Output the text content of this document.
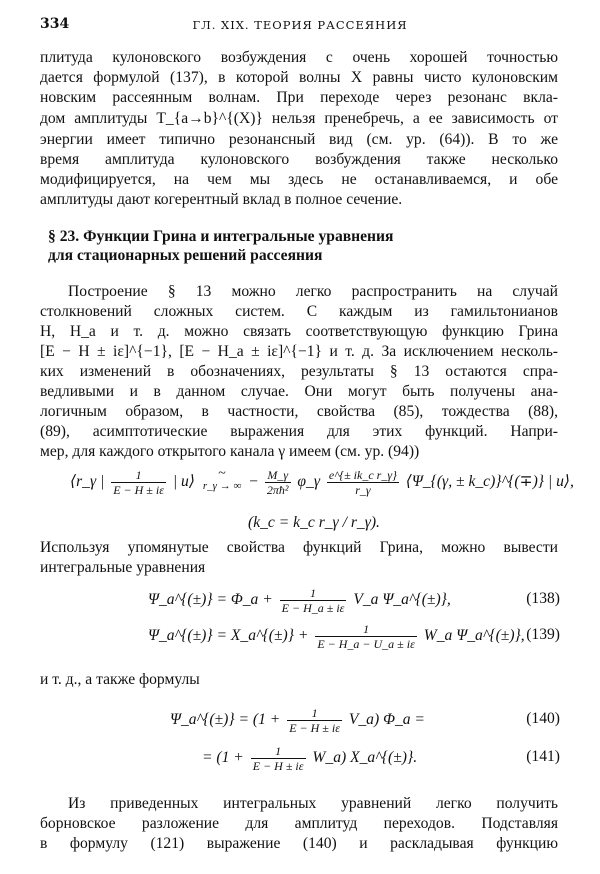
334	ГЛ. XIX. ТЕОРИЯ РАССЕЯНИЯ
плитуда кулоновского возбуждения с очень хорошей точностью
дается формулой (137), в которой волны X равны чисто кулоновским
новским рассеянным волнам. При переходе через резонанс вкла-
дом амплитуды T_{a→b}^{(X)} нельзя пренебречь, а ее зависимость от
энергии имеет типично резонансный вид (см. ур. (64)). В то же
время амплитуда кулоновского возбуждения также несколько
модифицируется, на чем мы здесь не останавливаемся, и обе
амплитуды дают когерентный вклад в полное сечение.
§ 23. Функции Грина и интегральные уравнения
для стационарных решений рассеяния
Построение § 13 можно легко распространить на случай
столкновений сложных систем. С каждым из гамильтонианов
H, H_a и т. д. можно связать соответствующую функцию Грина
[E − H ± iε]^{−1}, [E − H_a ± iε]^{−1} и т. д. За исключением несколь-
ких изменений в обозначениях, результаты § 13 остаются спра-
ведливыми и в данном случае. Они могут быть получены ана-
логичным образом, в частности, свойства (85), тождества (88),
(89), асимптотические выражения для этих функций. Напри-
мер, для каждого открытого канала γ имеем (см. ур. (94))
⟨r_γ | $\frac{1}{E - H \pm i\varepsilon}$ | u⟩	~
r_γ → ∞ − $\frac{M\_\gamma}{\text{2πħ²}}$ φ_γ $\frac{\text{e\textasciicircum{}\{± ik\_c r\_γ\}}}{r\_\gamma}$ ⟨Ψ_{(γ, ± k_c)}^{(∓)} | u⟩,
(k_c = k_c r_γ / r_γ).
Используя упомянутые свойства функций Грина, можно вывести
интегральные уравнения
Ψ_a^{(±)} = Φ_a + $\frac{1}{E - H\_a \pm i\varepsilon}$ V_a Ψ_a^{(±)},	(138)
Ψ_a^{(±)} = X_a^{(±)} + $\frac{1}{E - H\_a - U\_a \pm i\varepsilon}$ W_a Ψ_a^{(±)}, (139)
и т. д., а также формулы
Ψ_a^{(±)} = ($1 + \frac{1}{E - H \pm i\varepsilon}$ V_a) Φ_a =	(140)
= ($1 + \frac{1}{E - H \pm i\varepsilon}$ W_a) X_a^{(±)}.	(141)
Из приведенных интегральных уравнений легко получить
борновское разложение для амплитуд переходов. Подставляя
в формулу (121) выражение (140) и раскладывая функцию
